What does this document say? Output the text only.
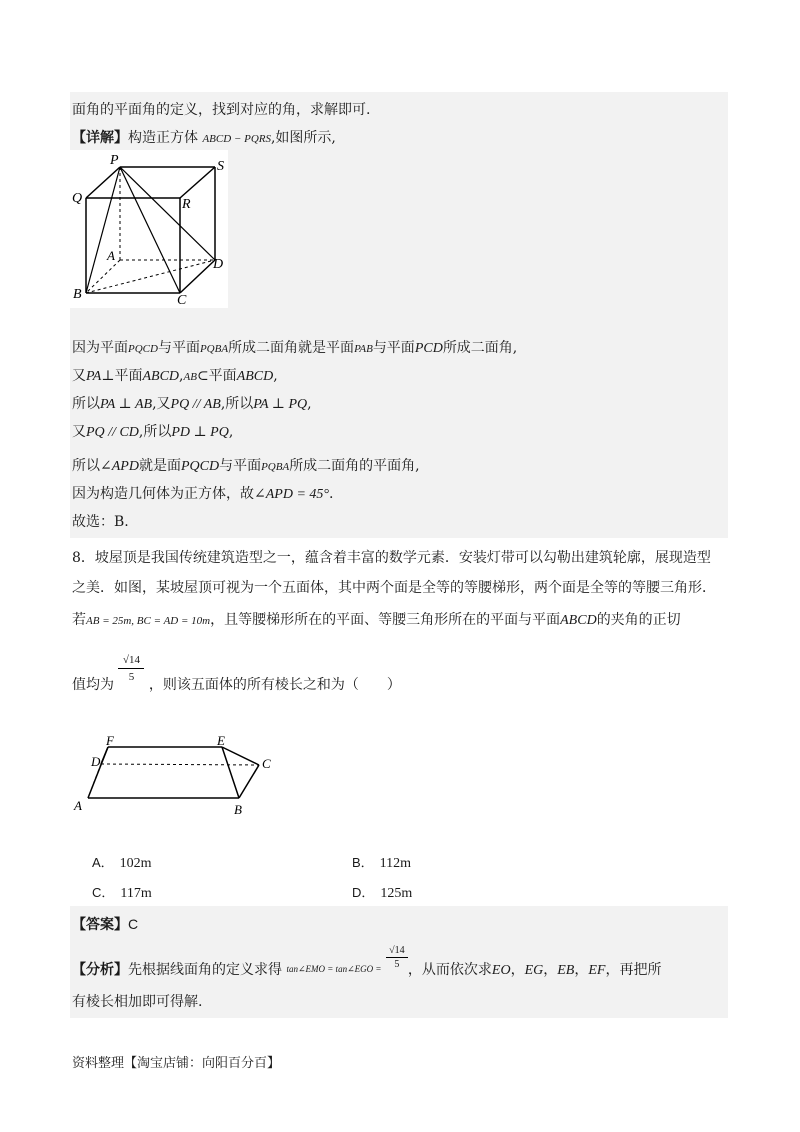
面角的平面角的定义，找到对应的角，求解即可.
【详解】构造正方体 ABCD − PQRS,如图所示,
P	S
Q	R
A
D
B	C
因为平面PQCD与平面PQBA所成二面角就是平面PAB与平面PCD所成二面角,
又PA⊥平面ABCD,AB⊂平面ABCD,
所以PA ⊥ AB,又PQ // AB,所以PA ⊥ PQ,
又PQ // CD,所以PD ⊥ PQ,
所以∠APD就是面PQCD与平面PQBA所成二面角的平面角,
因为构造几何体为正方体，故∠APD = 45°.
故选：B.
8．坡屋顶是我国传统建筑造型之一，蕴含着丰富的数学元素．安装灯带可以勾勒出建筑轮廓，展现造型
之美．如图，某坡屋顶可视为一个五面体，其中两个面是全等的等腰梯形，两个面是全等的等腰三角形．
若AB = 25m, BC = AD = 10m，且等腰梯形所在的平面、等腰三角形所在的平面与平面ABCD的夹角的正切
值均为 $\frac{√14}{5}$ ，则该五面体的所有棱长之和为（　　）
F	E
D	C
A	B
A． 102m	B． 112m
C． 117m	D． 125m
【答案】C
【分析】先根据线面角的定义求得 $_{tan\angle EMO = tan\angle EGO =} \frac{√14}{5}$ ，从而依次求EO，EG，EB，EF，再把所
有棱长相加即可得解.
资料整理【淘宝店铺：向阳百分百】
